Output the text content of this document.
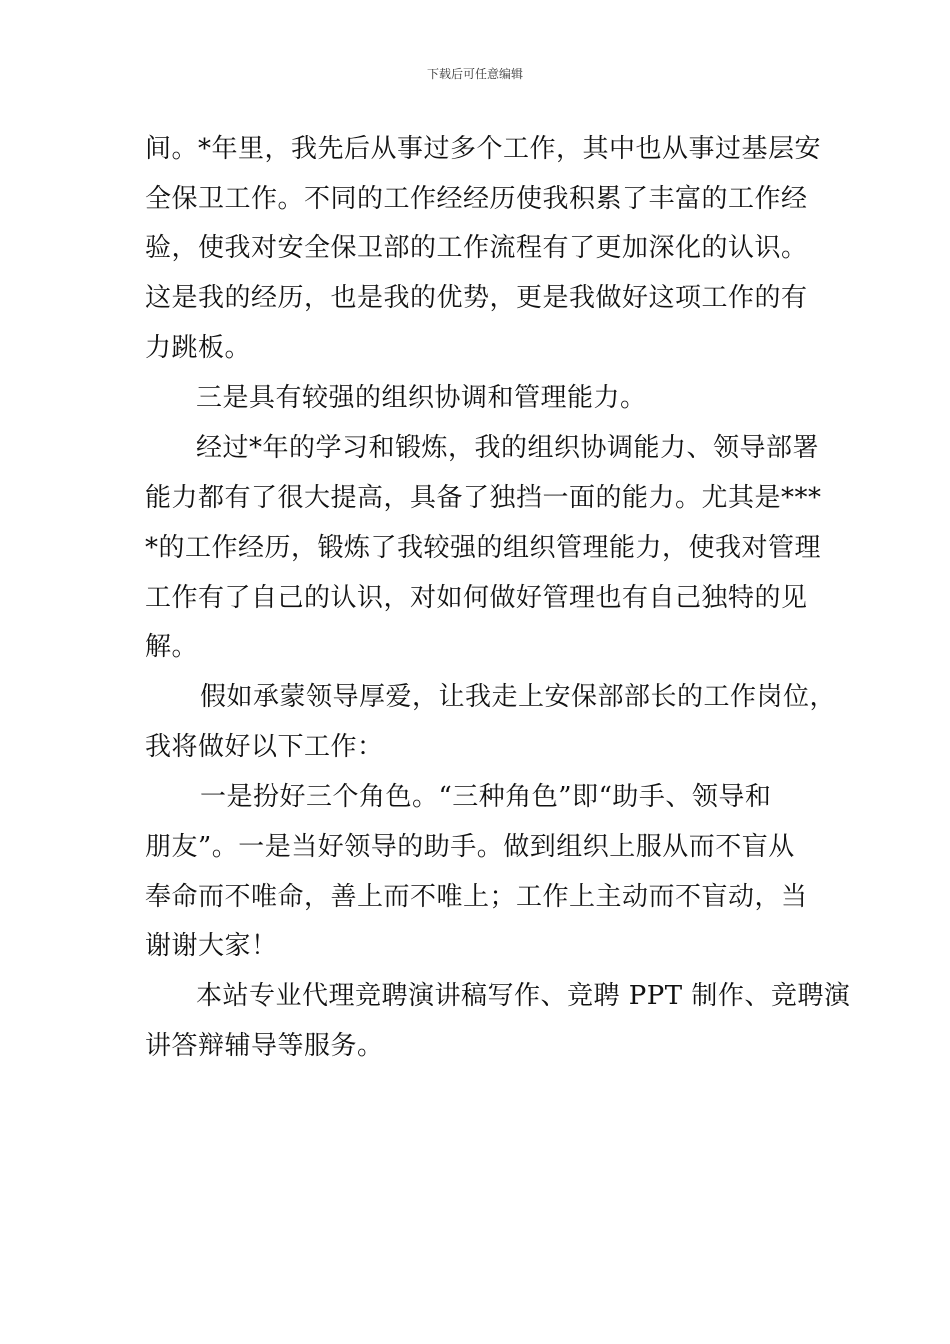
下载后可任意编辑
间。*年里，我先后从事过多个工作，其中也从事过基层安
全保卫工作。不同的工作经经历使我积累了丰富的工作经
验，使我对安全保卫部的工作流程有了更加深化的认识。
这是我的经历，也是我的优势，更是我做好这项工作的有
力跳板。
三是具有较强的组织协调和管理能力。
经过*年的学习和锻炼，我的组织协调能力、领导部署
能力都有了很大提高，具备了独挡一面的能力。尤其是***
*的工作经历，锻炼了我较强的组织管理能力，使我对管理
工作有了自己的认识，对如何做好管理也有自己独特的见
解。
假如承蒙领导厚爱，让我走上安保部部长的工作岗位，
我将做好以下工作：
一是扮好三个角色。“三种角色”即“助手、领导和
朋友”。一是当好领导的助手。做到组织上服从而不盲从
奉命而不唯命，善上而不唯上；工作上主动而不盲动，当
谢谢大家！
本站专业代理竞聘演讲稿写作、竞聘 PPT 制作、竞聘演
讲答辩辅导等服务。
